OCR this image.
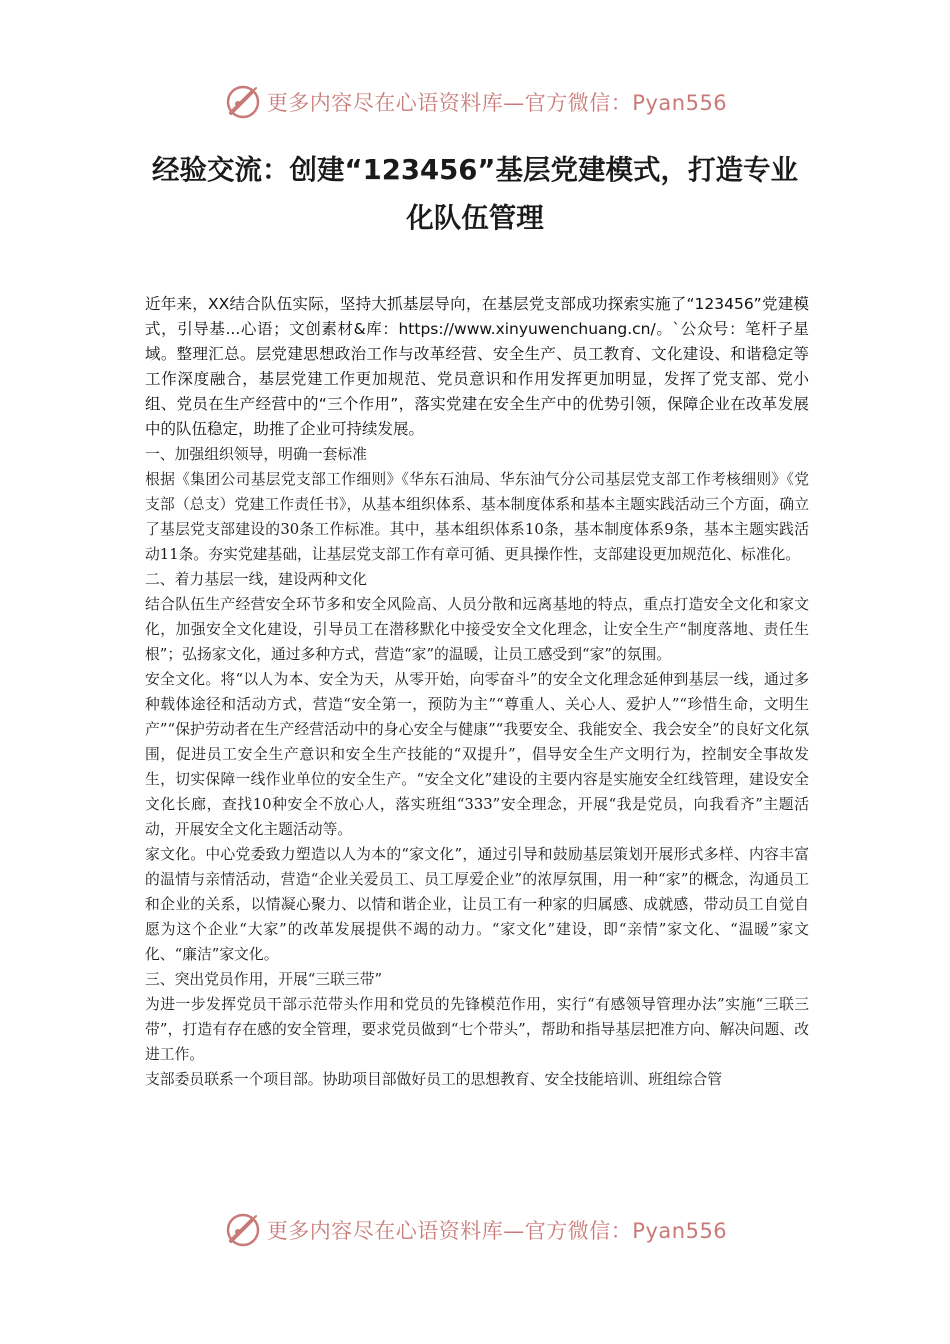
更多内容尽在心语资料库—官方微信：Pyan556
经验交流：创建“123456”基层党建模式，打造专业化队伍管理

近年来，XX结合队伍实际，坚持大抓基层导向，在基层党支部成功探索实施了“123456”党建模式，引导基...心语；文创素材&库：https://www.xinyuwenchuang.cn/。`公众号：笔杆子星域。整理汇总。层党建思想政治工作与改革经营、安全生产、员工教育、文化建设、和谐稳定等工作深度融合，基层党建工作更加规范、党员意识和作用发挥更加明显，发挥了党支部、党小组、党员在生产经营中的“三个作用”，落实党建在安全生产中的优势引领，保障企业在改革发展中的队伍稳定，助推了企业可持续发展。

一、加强组织领导，明确一套标准

根据《集团公司基层党支部工作细则》《华东石油局、华东油气分公司基层党支部工作考核细则》《党支部（总支）党建工作责任书》，从基本组织体系、基本制度体系和基本主题实践活动三个方面，确立了基层党支部建设的30条工作标准。其中，基本组织体系10条，基本制度体系9条，基本主题实践活动11条。夯实党建基础，让基层党支部工作有章可循、更具操作性，支部建设更加规范化、标准化。

二、着力基层一线，建设两种文化

结合队伍生产经营安全环节多和安全风险高、人员分散和远离基地的特点，重点打造安全文化和家文化，加强安全文化建设，引导员工在潜移默化中接受安全文化理念，让安全生产“制度落地、责任生根”；弘扬家文化，通过多种方式，营造“家”的温暖，让员工感受到“家”的氛围。

安全文化。将“以人为本、安全为天，从零开始，向零奋斗”的安全文化理念延伸到基层一线，通过多种载体途径和活动方式，营造“安全第一，预防为主”“尊重人、关心人、爱护人”“珍惜生命，文明生产”“保护劳动者在生产经营活动中的身心安全与健康”“我要安全、我能安全、我会安全”的良好文化氛围，促进员工安全生产意识和安全生产技能的“双提升”，倡导安全生产文明行为，控制安全事故发生，切实保障一线作业单位的安全生产。“安全文化”建设的主要内容是实施安全红线管理，建设安全文化长廊，查找10种安全不放心人，落实班组“333”安全理念，开展“我是党员，向我看齐”主题活动，开展安全文化主题活动等。

家文化。中心党委致力塑造以人为本的“家文化”，通过引导和鼓励基层策划开展形式多样、内容丰富的温情与亲情活动，营造“企业关爱员工、员工厚爱企业”的浓厚氛围，用一种“家”的概念，沟通员工和企业的关系，以情凝心聚力、以情和谐企业，让员工有一种家的归属感、成就感，带动员工自觉自愿为这个企业“大家”的改革发展提供不竭的动力。“家文化”建设，即“亲情”家文化、“温暖”家文化、“廉洁”家文化。

三、突出党员作用，开展“三联三带”

为进一步发挥党员干部示范带头作用和党员的先锋模范作用，实行“有感领导管理办法”实施“三联三带”，打造有存在感的安全管理，要求党员做到“七个带头”，帮助和指导基层把准方向、解决问题、改进工作。

支部委员联系一个项目部。协助项目部做好员工的思想教育、安全技能培训、班组综合管

更多内容尽在心语资料库—官方微信：Pyan556
